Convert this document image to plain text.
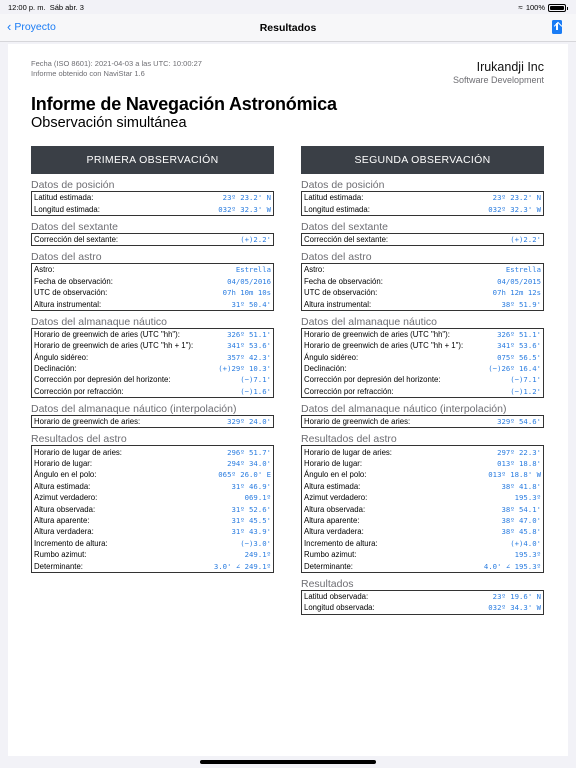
12:00 p. m. Sáb abr. 3	≈ 100%
‹ Proyecto	Resultados
Fecha (ISO 8601): 2021-04-03 a las UTC: 10:00:27
Informe obtenido con NaviStar 1.6	Irukandji Inc
Software Development
Informe de Navegación Astronómica
Observación simultánea
PRIMERA OBSERVACIÓN
Datos de posición
Latitud estimada:	23º 23.2' N
Longitud estimada:	032º 32.3' W
Datos del sextante
Corrección del sextante:	(+)2.2'
Datos del astro
Astro:	Estrella
Fecha de observación:	04/05/2016
UTC de observación:	07h 10m 10s
Altura instrumental:	31º 50.4'
Datos del almanaque náutico
Horario de greenwich de aries (UTC "hh"):	326º 51.1'
Horario de greenwich de aries (UTC "hh + 1"):	341º 53.6'
Ángulo sidéreo:	357º 42.3'
Declinación:	(+)29º 10.3'
Corrección por depresión del horizonte:	(−)7.1'
Corrección por refracción:	(−)1.6'
Datos del almanaque náutico (interpolación)
Horario de greenwich de aries:	329º 24.0'
Resultados del astro
Horario de lugar de aries:	296º 51.7'
Horario de lugar:	294º 34.0'
Ángulo en el polo:	065º 26.0' E
Altura estimada:	31º 46.9'
Azimut verdadero:	069.1º
Altura observada:	31º 52.6'
Altura aparente:	31º 45.5'
Altura verdadera:	31º 43.9'
Incremento de altura:	(−)3.0'
Rumbo azimut:	249.1º
Determinante:	3.0' ∠ 249.1º
SEGUNDA OBSERVACIÓN
Datos de posición
Latitud estimada:	23º 23.2' N
Longitud estimada:	032º 32.3' W
Datos del sextante
Corrección del sextante:	(+)2.2'
Datos del astro
Astro:	Estrella
Fecha de observación:	04/05/2015
UTC de observación:	07h 12m 12s
Altura instrumental:	38º 51.9'
Datos del almanaque náutico
Horario de greenwich de aries (UTC "hh"):	326º 51.1'
Horario de greenwich de aries (UTC "hh + 1"):	341º 53.6'
Ángulo sidéreo:	075º 56.5'
Declinación:	(−)26º 16.4'
Corrección por depresión del horizonte:	(−)7.1'
Corrección por refracción:	(−)1.2'
Datos del almanaque náutico (interpolación)
Horario de greenwich de aries:	329º 54.6'
Resultados del astro
Horario de lugar de aries:	297º 22.3'
Horario de lugar:	013º 18.8'
Ángulo en el polo:	013º 18.8' W
Altura estimada:	38º 41.8'
Azimut verdadero:	195.3º
Altura observada:	38º 54.1'
Altura aparente:	38º 47.0'
Altura verdadera:	38º 45.8'
Incremento de altura:	(+)4.0'
Rumbo azimut:	195.3º
Determinante:	4.0' ∠ 195.3º
Resultados
Latitud observada:	23º 19.6' N
Longitud observada:	032º 34.3' W
